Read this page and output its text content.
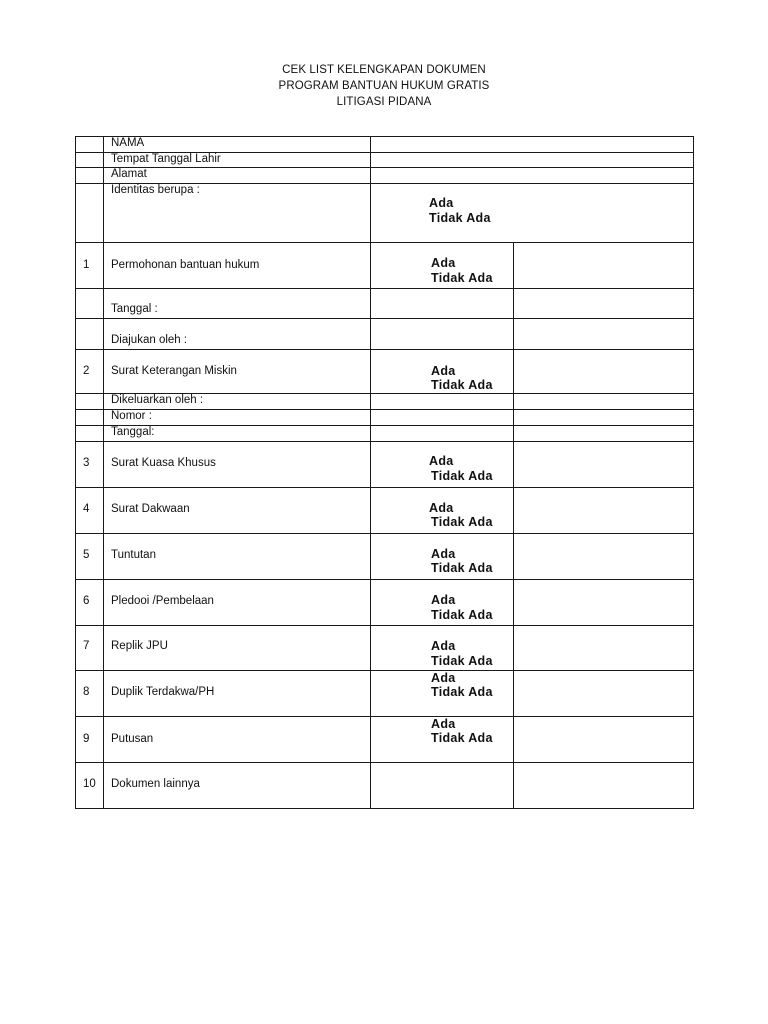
CEK LIST KELENGKAPAN DOKUMEN
PROGRAM BANTUAN HUKUM GRATIS
LITIGASI PIDANA

	NAMA		

	Tempat Tanggal Lahir		

	Alamat		

	Identitas berupa :	Ada
Tidak Ada	

1	Permohonan bantuan hukum	Ada
Tidak Ada	

	Tanggal :		

	Diajukan oleh :		

2	Surat Keterangan Miskin	Ada
Tidak Ada	

	Dikeluarkan oleh :		

	Nomor :		

	Tanggal:		

3	Surat Kuasa Khusus	Ada
Tidak Ada	

4	Surat Dakwaan	Ada
Tidak Ada	

5	Tuntutan	Ada
Tidak Ada	

6	Pledooi /Pembelaan	Ada
Tidak Ada	

7	Replik JPU	Ada
Tidak Ada	

8	Duplik Terdakwa/PH	Ada
Tidak Ada	

9	Putusan	Ada
Tidak Ada	

10	Dokumen lainnya		
